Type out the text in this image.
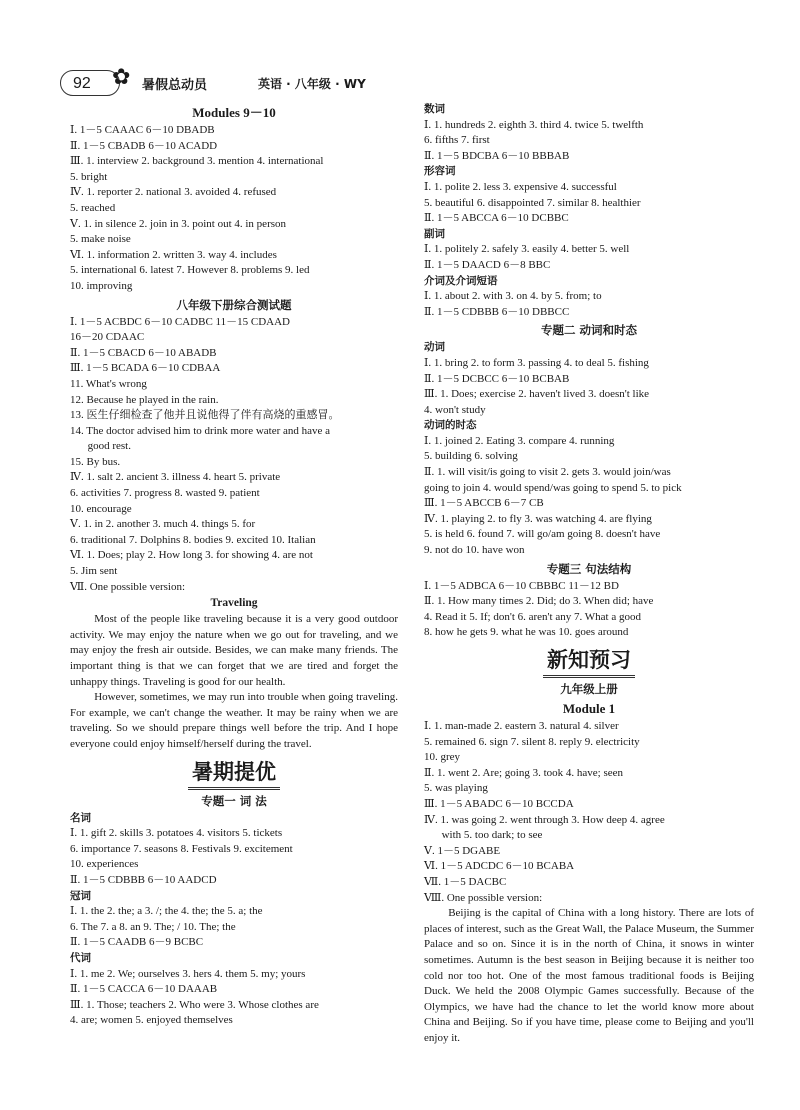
92 ✿ 暑假总动员	英语 · 八年级 · WY
Modules 9－10
Ⅰ. 1－5 CAAAC 6－10 DBADB
Ⅱ. 1－5 CBADB 6－10 ACADD
Ⅲ. 1. interview 2. background 3. mention 4. international
5. bright
Ⅳ. 1. reporter 2. national 3. avoided 4. refused
5. reached
Ⅴ. 1. in silence 2. join in 3. point out 4. in person
5. make noise
Ⅵ. 1. information 2. written 3. way 4. includes
5. international 6. latest 7. However 8. problems 9. led
10. improving
八年级下册综合测试题
Ⅰ. 1－5 ACBDC 6－10 CADBC 11－15 CDAAD
16－20 CDAAC
Ⅱ. 1－5 CBACD 6－10 ABADB
Ⅲ. 1－5 BCADA 6－10 CDBAA
11. What's wrong
12. Because he played in the rain.
13. 医生仔细检查了他并且说他得了伴有高烧的重感冒。
14. The doctor advised him to drink more water and have a
good rest.
15. By bus.
Ⅳ. 1. salt 2. ancient 3. illness 4. heart 5. private
6. activities 7. progress 8. wasted 9. patient
10. encourage
Ⅴ. 1. in 2. another 3. much 4. things 5. for
6. traditional 7. Dolphins 8. bodies 9. excited 10. Italian
Ⅵ. 1. Does; play 2. How long 3. for showing 4. are not
5. Jim sent
Ⅶ. One possible version:
Traveling
Most of the people like traveling because it is a very good outdoor activity. We may enjoy the nature when we go out for traveling, and we may enjoy the fresh air outside. Besides, we can make many friends. The important thing is that we can forget that we are tired and forget the unhappy things. Traveling is good for our health.
However, sometimes, we may run into trouble when going traveling. For example, we can't change the weather. It may be rainy when we are traveling. So we should prepare things well before the trip. And I hope everyone could enjoy himself/herself during the travel.
暑期提优
专题一 词 法
名词
Ⅰ. 1. gift 2. skills 3. potatoes 4. visitors 5. tickets
6. importance 7. seasons 8. Festivals 9. excitement
10. experiences
Ⅱ. 1－5 CDBBB 6－10 AADCD
冠词
Ⅰ. 1. the 2. the; a 3. /; the 4. the; the 5. a; the
6. The 7. a 8. an 9. The; / 10. The; the
Ⅱ. 1－5 CAADB 6－9 BCBC
代词
Ⅰ. 1. me 2. We; ourselves 3. hers 4. them 5. my; yours
Ⅱ. 1－5 CACCA 6－10 DAAAB
Ⅲ. 1. Those; teachers 2. Who were 3. Whose clothes are
4. are; women 5. enjoyed themselves
数词
Ⅰ. 1. hundreds 2. eighth 3. third 4. twice 5. twelfth
6. fifths 7. first
Ⅱ. 1－5 BDCBA 6－10 BBBAB
形容词
Ⅰ. 1. polite 2. less 3. expensive 4. successful
5. beautiful 6. disappointed 7. similar 8. healthier
Ⅱ. 1－5 ABCCA 6－10 DCBBC
副词
Ⅰ. 1. politely 2. safely 3. easily 4. better 5. well
Ⅱ. 1－5 DAACD 6－8 BBC
介词及介词短语
Ⅰ. 1. about 2. with 3. on 4. by 5. from; to
Ⅱ. 1－5 CDBBB 6－10 DBBCC
专题二 动词和时态
动词
Ⅰ. 1. bring 2. to form 3. passing 4. to deal 5. fishing
Ⅱ. 1－5 DCBCC 6－10 BCBAB
Ⅲ. 1. Does; exercise 2. haven't lived 3. doesn't like
4. won't study
动词的时态
Ⅰ. 1. joined 2. Eating 3. compare 4. running
5. building 6. solving
Ⅱ. 1. will visit/is going to visit 2. gets 3. would join/was
going to join 4. would spend/was going to spend 5. to pick
Ⅲ. 1－5 ABCCB 6－7 CB
Ⅳ. 1. playing 2. to fly 3. was watching 4. are flying
5. is held 6. found 7. will go/am going 8. doesn't have
9. not do 10. have won
专题三 句法结构
Ⅰ. 1－5 ADBCA 6－10 CBBBC 11－12 BD
Ⅱ. 1. How many times 2. Did; do 3. When did; have
4. Read it 5. If; don't 6. aren't any 7. What a good
8. how he gets 9. what he was 10. goes around
新知预习
九年级上册
Module 1
Ⅰ. 1. man-made 2. eastern 3. natural 4. silver
5. remained 6. sign 7. silent 8. reply 9. electricity
10. grey
Ⅱ. 1. went 2. Are; going 3. took 4. have; seen
5. was playing
Ⅲ. 1－5 ABADC 6－10 BCCDA
Ⅳ. 1. was going 2. went through 3. How deep 4. agree
with 5. too dark; to see
Ⅴ. 1－5 DGABE
Ⅵ. 1－5 ADCDC 6－10 BCABA
Ⅶ. 1－5 DACBC
Ⅷ. One possible version:
Beijing is the capital of China with a long history. There are lots of places of interest, such as the Great Wall, the Palace Museum, the Summer Palace and so on. Since it is in the north of China, it snows in winter sometimes. Autumn is the best season in Beijing because it is neither too cold nor too hot. One of the most famous traditional foods is Beijing Duck. We held the 2008 Olympic Games successfully. Because of the Olympics, we have had the chance to let the world know more about China and Beijing. So if you have time, please come to Beijing and you'll enjoy it.
